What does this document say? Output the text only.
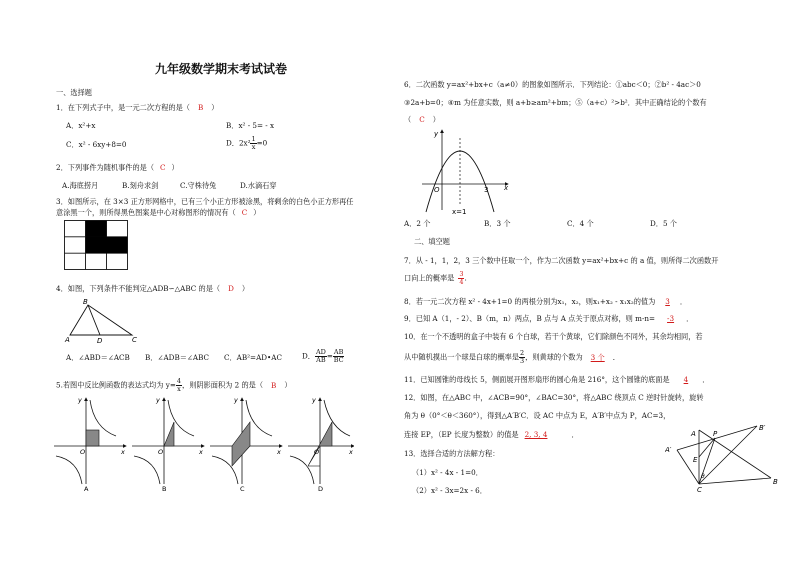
九年级数学期末考试试卷
一、选择题
1．在下列式子中，是一元二次方程的是（ B ）
A．x²+x	B．x² - 5= - x
C．x² - 6xy+8=0	D．$2x^2 \frac{1}{x}=0$
2．下列事件为随机事件的是（ C ）
A.海底捞月	B.刻舟求剑	C.守株待兔	D.水滴石穿
3．如图所示，在 3×3 正方形网格中，已有三个小正方形被涂黑，将剩余的白色小正方形再任
意涂黑一个，则所得黑色图案是中心对称图形的情况有（ C ）
4．如图，下列条件不能判定△ADB∽△ABC 的是（ D ）
B
A	D	C
A．∠ABD＝∠ACB B．∠ADB＝∠ABC C．AB²=AD•AC	D． $\frac{AD}{AB}= \frac{AB}{BC}$
5.若图中反比例函数的表达式均为 $y= \frac{4}{x}$，则阴影面积为 2 的是（ B ）
y
x
O
A
y
x
O
B
y
x
C
y
x
O
D
6．二次函数 y=ax²+bx+c（a≠0）的图象如图所示．下列结论：①abc＜0；②b² - 4ac＞0
③2a+b=0；④m 为任意实数，则 a+b≥am²+bm；⑤（a+c）²>b²．其中正确结论的个数有
（ C ）
y
x
O	3
x=1
A．2 个	B．3 个	C．4 个	D．5 个
二、填空题
7．从 - 1，1，2，3 三个数中任取一个，作为二次函数 y=ax²+bx+c 的 a 值，则所得二次函数开
口向上的概率是 $\frac{3}{4}$.
8．若一元二次方程 x² - 4x+1=0 的两根分别为x₁，x₂，则x₁+x₂ - x₁x₂的值为 3 ．
9．已知 A（1，- 2）、B（m，n）两点，B 点与 A 点关于原点对称，则 m-n= -3 ．
10．在一个不透明的盒子中装有 6 个白球，若干个黄球，它们除颜色不同外，其余均相同，若
从中随机摸出一个球是白球的概率是 $\frac{2}{3}$，则黄球的个数为 3 个 ．
11．已知圆锥的母线长 5，侧面展开图形扇形的圆心角是 216°，这个圆锥的底面是 4 ．
12．如图，在△ABC 中，∠ACB=90°，∠BAC=30°，将△ABC 绕顶点 C 逆时针旋转，旋转
角为 θ（0°＜θ＜360°），得到△A′B′C．设 AC 中点为 E，A′B′中点为 P，AC=3，
连接 EP，（EP 长度为整数）的值是 2, 3, 4	．
A′
P
B′
A
E
θ
C
B
13．选择合适的方法解方程：
（1）x² - 4x - 1=0．
（2）x² - 3x=2x - 6．
